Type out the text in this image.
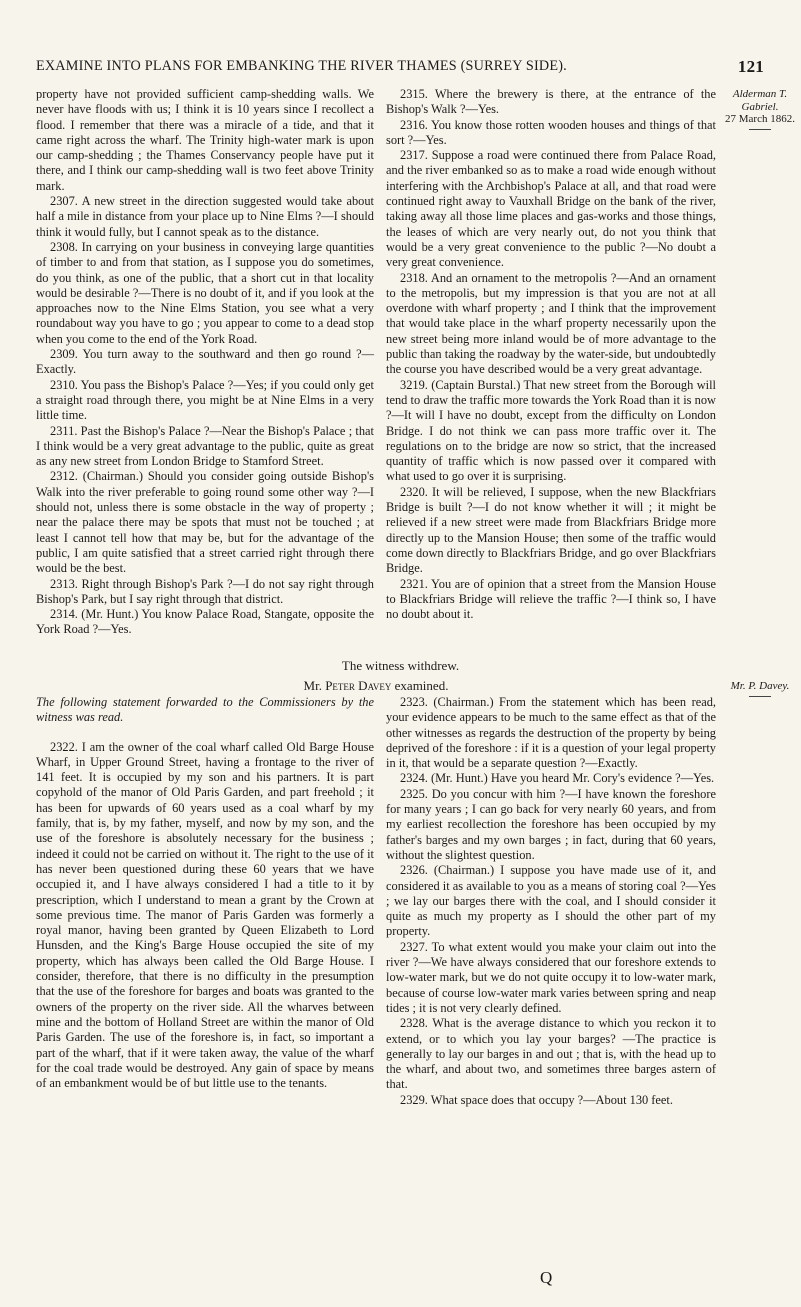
EXAMINE INTO PLANS FOR EMBANKING THE RIVER THAMES (SURREY SIDE).	121
Alderman T. Gabriel.
27 March 1862.

property have not provided sufficient camp-shedding walls. We never have floods with us; I think it is 10 years since I recollect a flood. I remember that there was a miracle of a tide, and that it came right across the wharf. The Trinity high-water mark is upon our camp-shedding ; the Thames Conservancy people have put it there, and I think our camp-shedding wall is two feet above Trinity mark.

2307. A new street in the direction suggested would take about half a mile in distance from your place up to Nine Elms ?—I should think it would fully, but I cannot speak as to the distance.

2308. In carrying on your business in conveying large quantities of timber to and from that station, as I suppose you do sometimes, do you think, as one of the public, that a short cut in that locality would be desirable ?—There is no doubt of it, and if you look at the approaches now to the Nine Elms Station, you see what a very roundabout way you have to go ; you appear to come to a dead stop when you come to the end of the York Road.

2309. You turn away to the southward and then go round ?—Exactly.

2310. You pass the Bishop's Palace ?—Yes; if you could only get a straight road through there, you might be at Nine Elms in a very little time.

2311. Past the Bishop's Palace ?—Near the Bishop's Palace ; that I think would be a very great advantage to the public, quite as great as any new street from London Bridge to Stamford Street.

2312. (Chairman.) Should you consider going outside Bishop's Walk into the river preferable to going round some other way ?—I should not, unless there is some obstacle in the way of property ; near the palace there may be spots that must not be touched ; at least I cannot tell how that may be, but for the advantage of the public, I am quite satisfied that a street carried right through there would be the best.

2313. Right through Bishop's Park ?—I do not say right through Bishop's Park, but I say right through that district.

2314. (Mr. Hunt.) You know Palace Road, Stangate, opposite the York Road ?—Yes.

2315. Where the brewery is there, at the entrance of the Bishop's Walk ?—Yes.

2316. You know those rotten wooden houses and things of that sort ?—Yes.

2317. Suppose a road were continued there from Palace Road, and the river embanked so as to make a road wide enough without interfering with the Archbishop's Palace at all, and that road were continued right away to Vauxhall Bridge on the bank of the river, taking away all those lime places and gas-works and those things, the leases of which are very nearly out, do not you think that would be a very great convenience to the public ?—No doubt a very great convenience.

2318. And an ornament to the metropolis ?—And an ornament to the metropolis, but my impression is that you are not at all overdone with wharf property ; and I think that the improvement that would take place in the wharf property necessarily upon the new street being more inland would be of more advantage to the public than taking the roadway by the water-side, but undoubtedly the course you have described would be a very great advantage.

3219. (Captain Burstal.) That new street from the Borough will tend to draw the traffic more towards the York Road than it is now ?—It will I have no doubt, except from the difficulty on London Bridge. I do not think we can pass more traffic over it. The regulations on to the bridge are now so strict, that the increased quantity of traffic which is now passed over it compared with what used to go over it is surprising.

2320. It will be relieved, I suppose, when the new Blackfriars Bridge is built ?—I do not know whether it will ; it might be relieved if a new street were made from Blackfriars Bridge more directly up to the Mansion House; then some of the traffic would come down directly to Blackfriars Bridge, and go over Blackfriars Bridge.

2321. You are of opinion that a street from the Mansion House to Blackfriars Bridge will relieve the traffic ?—I think so, I have no doubt about it.

The witness withdrew.
Mr. Peter Davey examined.	Mr. P. Davey.

The following statement forwarded to the Commissioners by the witness was read.

2322. I am the owner of the coal wharf called Old Barge House Wharf, in Upper Ground Street, having a frontage to the river of 141 feet. It is occupied by my son and his partners. It is part copyhold of the manor of Old Paris Garden, and part freehold ; it has been for upwards of 60 years used as a coal wharf by my family, that is, by my father, myself, and now by my son, and the use of the foreshore is absolutely necessary for the business ; indeed it could not be carried on without it. The right to the use of it has never been questioned during these 60 years that we have occupied it, and I have always considered I had a title to it by prescription, which I understand to mean a grant by the Crown at some previous time. The manor of Paris Garden was formerly a royal manor, having been granted by Queen Elizabeth to Lord Hunsden, and the King's Barge House occupied the site of my property, which has always been called the Old Barge House. I consider, therefore, that there is no difficulty in the presumption that the use of the foreshore for barges and boats was granted to the owners of the property on the river side. All the wharves between mine and the bottom of Holland Street are within the manor of Old Paris Garden. The use of the foreshore is, in fact, so important a part of the wharf, that if it were taken away, the value of the wharf for the coal trade would be destroyed. Any gain of space by means of an embankment would be of but little use to the tenants.

2323. (Chairman.) From the statement which has been read, your evidence appears to be much to the same effect as that of the other witnesses as regards the destruction of the property by being deprived of the foreshore : if it is a question of your legal property in it, that would be a separate question ?—Exactly.

2324. (Mr. Hunt.) Have you heard Mr. Cory's evidence ?—Yes.

2325. Do you concur with him ?—I have known the foreshore for many years ; I can go back for very nearly 60 years, and from my earliest recollection the foreshore has been occupied by my father's barges and my own barges ; in fact, during that 60 years, without the slightest question.

2326. (Chairman.) I suppose you have made use of it, and considered it as available to you as a means of storing coal ?—Yes ; we lay our barges there with the coal, and I should consider it quite as much my property as I should the other part of my property.

2327. To what extent would you make your claim out into the river ?—We have always considered that our foreshore extends to low-water mark, but we do not quite occupy it to low-water mark, because of course low-water mark varies between spring and neap tides ; it is not very clearly defined.

2328. What is the average distance to which you reckon it to extend, or to which you lay your barges? —The practice is generally to lay our barges in and out ; that is, with the head up to the wharf, and about two, and sometimes three barges astern of that.

2329. What space does that occupy ?—About 130 feet.

Q
